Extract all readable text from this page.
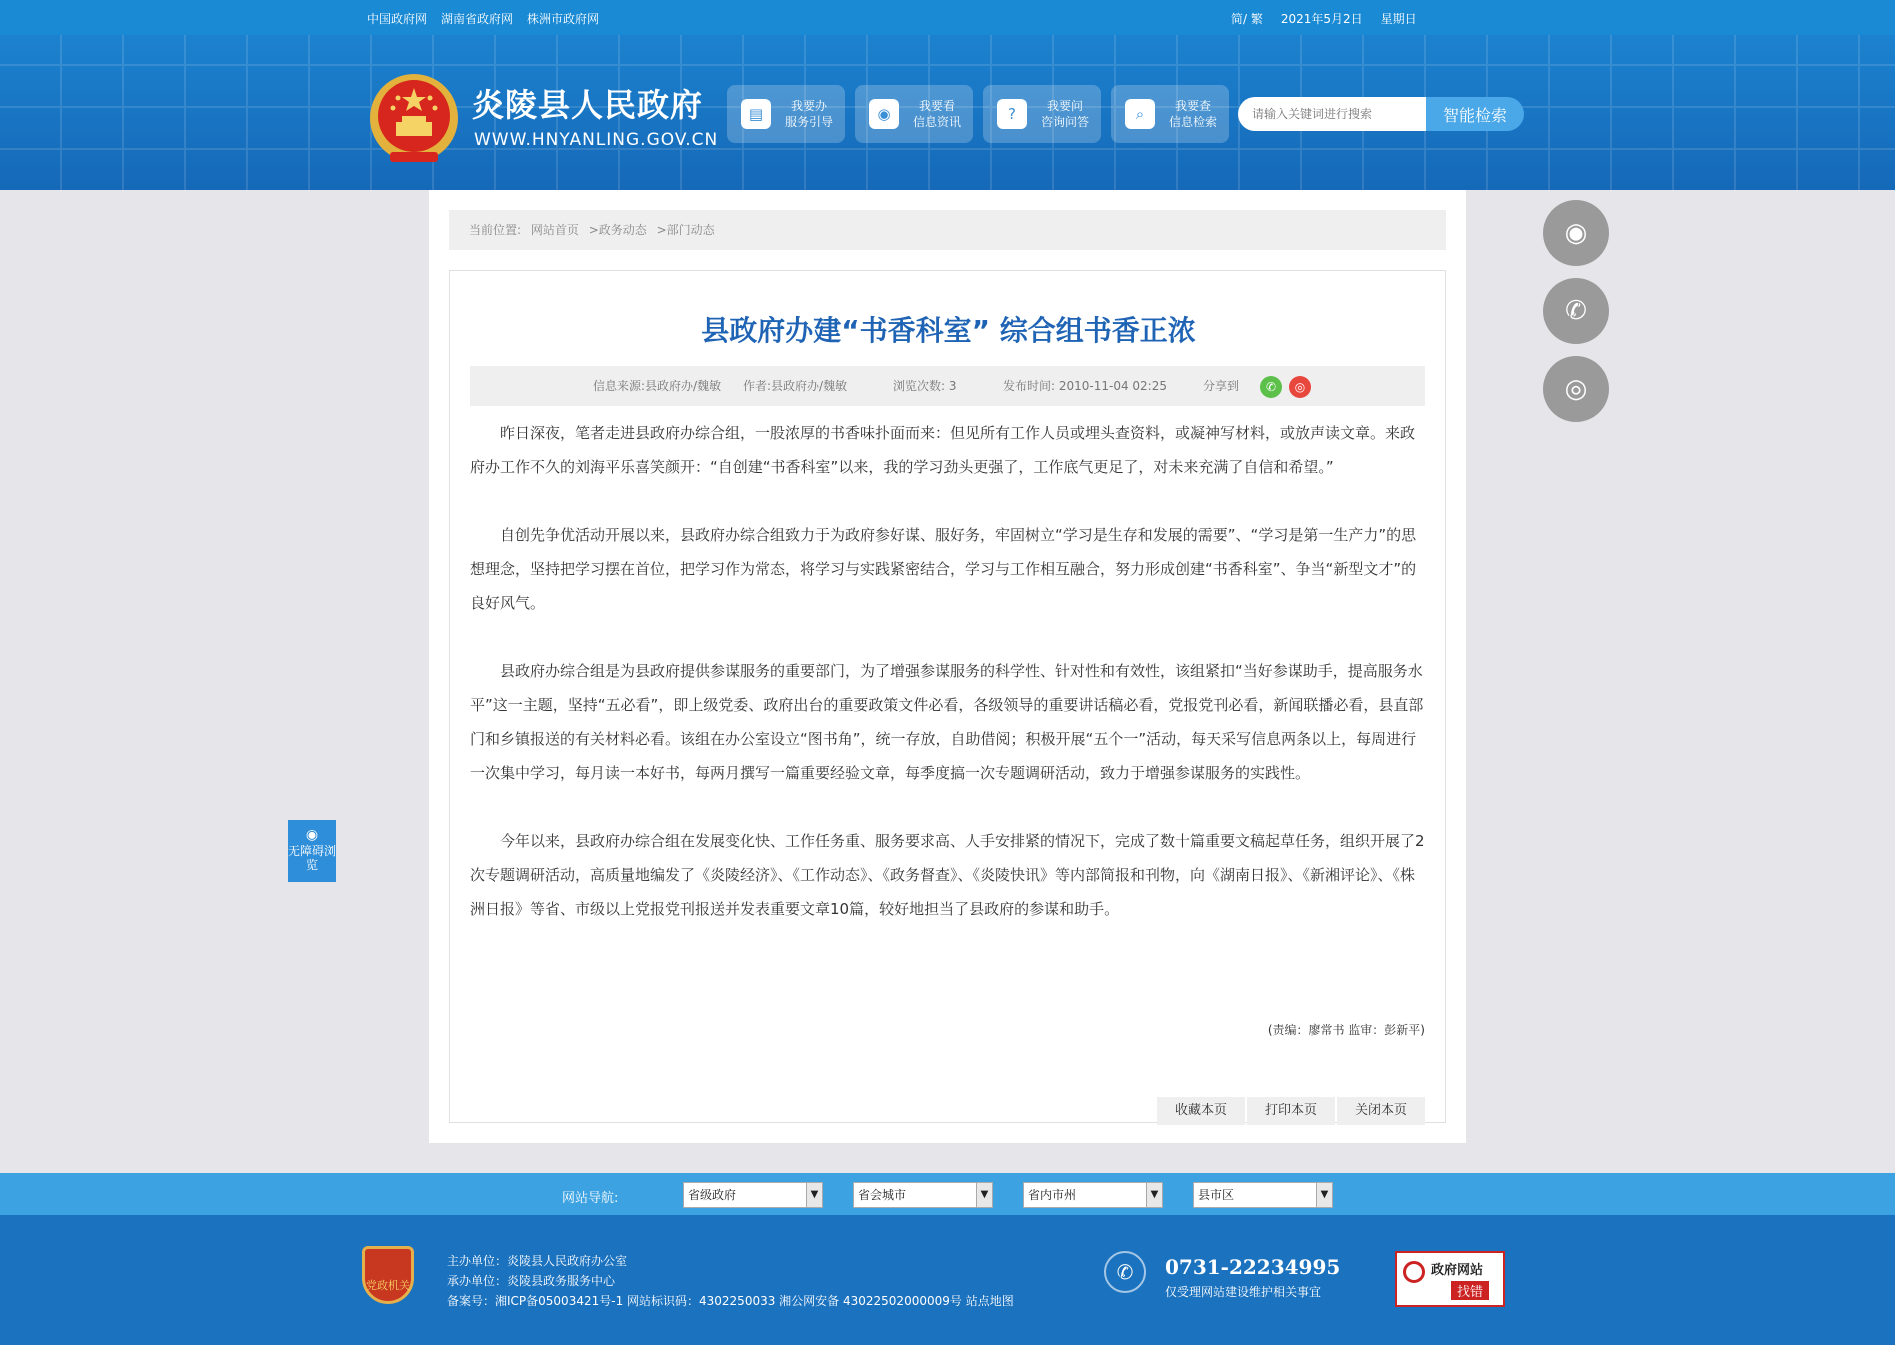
中国政府网 湖南省政府网 株洲市政府网	简/ 繁 2021年5月2日 星期日
炎陵县人民政府
WWW.HNYANLING.GOV.CN
▤	我要办
服务引导	◉	我要看
信息资讯	?	我要问
咨询问答	⌕	我要查
信息检索
请输入关键词进行搜索	智能检索
当前位置: 网站首页 >政务动态 >部门动态
县政府办建“书香科室” 综合组书香正浓
信息来源:县政府办/魏敏 作者:县政府办/魏敏	浏览次数: 3	发布时间: 2010-11-04 02:25	分享到	✆	◎

昨日深夜，笔者走进县政府办综合组，一股浓厚的书香味扑面而来：但见所有工作人员或埋头查资料，或凝神写材料，或放声读文章。来政府办工作不久的刘海平乐喜笑颜开：“自创建“书香科室”以来，我的学习劲头更强了，工作底气更足了，对未来充满了自信和希望。”

自创先争优活动开展以来，县政府办综合组致力于为政府参好谋、服好务，牢固树立“学习是生存和发展的需要”、“学习是第一生产力”的思想理念，坚持把学习摆在首位，把学习作为常态，将学习与实践紧密结合，学习与工作相互融合，努力形成创建“书香科室”、争当“新型文才”的良好风气。

县政府办综合组是为县政府提供参谋服务的重要部门，为了增强参谋服务的科学性、针对性和有效性，该组紧扣“当好参谋助手，提高服务水平”这一主题，坚持“五必看”，即上级党委、政府出台的重要政策文件必看，各级领导的重要讲话稿必看，党报党刊必看，新闻联播必看，县直部门和乡镇报送的有关材料必看。该组在办公室设立“图书角”，统一存放，自助借阅；积极开展“五个一”活动，每天采写信息两条以上，每周进行一次集中学习，每月读一本好书，每两月撰写一篇重要经验文章，每季度搞一次专题调研活动，致力于增强参谋服务的实践性。

今年以来，县政府办综合组在发展变化快、工作任务重、服务要求高、人手安排紧的情况下，完成了数十篇重要文稿起草任务，组织开展了2次专题调研活动，高质量地编发了《炎陵经济》、《工作动态》、《政务督查》、《炎陵快讯》等内部简报和刊物，向《湖南日报》、《新湘评论》、《株洲日报》等省、市级以上党报党刊报送并发表重要文章10篇，较好地担当了县政府的参谋和助手。

(责编：廖常书 监审：彭新平)
收藏本页	打印本页	关闭本页
◉
✆
◎
◉
无障碍浏览
网站导航:	省级政府	▼	省会城市	▼	省内市州	▼	县市区	▼
党政机关
主办单位：炎陵县人民政府办公室
承办单位：炎陵县政务服务中心
备案号：湘ICP备05003421号-1 网站标识码：4302250033 湘公网安备 43022502000009号 站点地图
✆	0731-22234995
仅受理网站建设维护相关事宜
政府网站
找错
